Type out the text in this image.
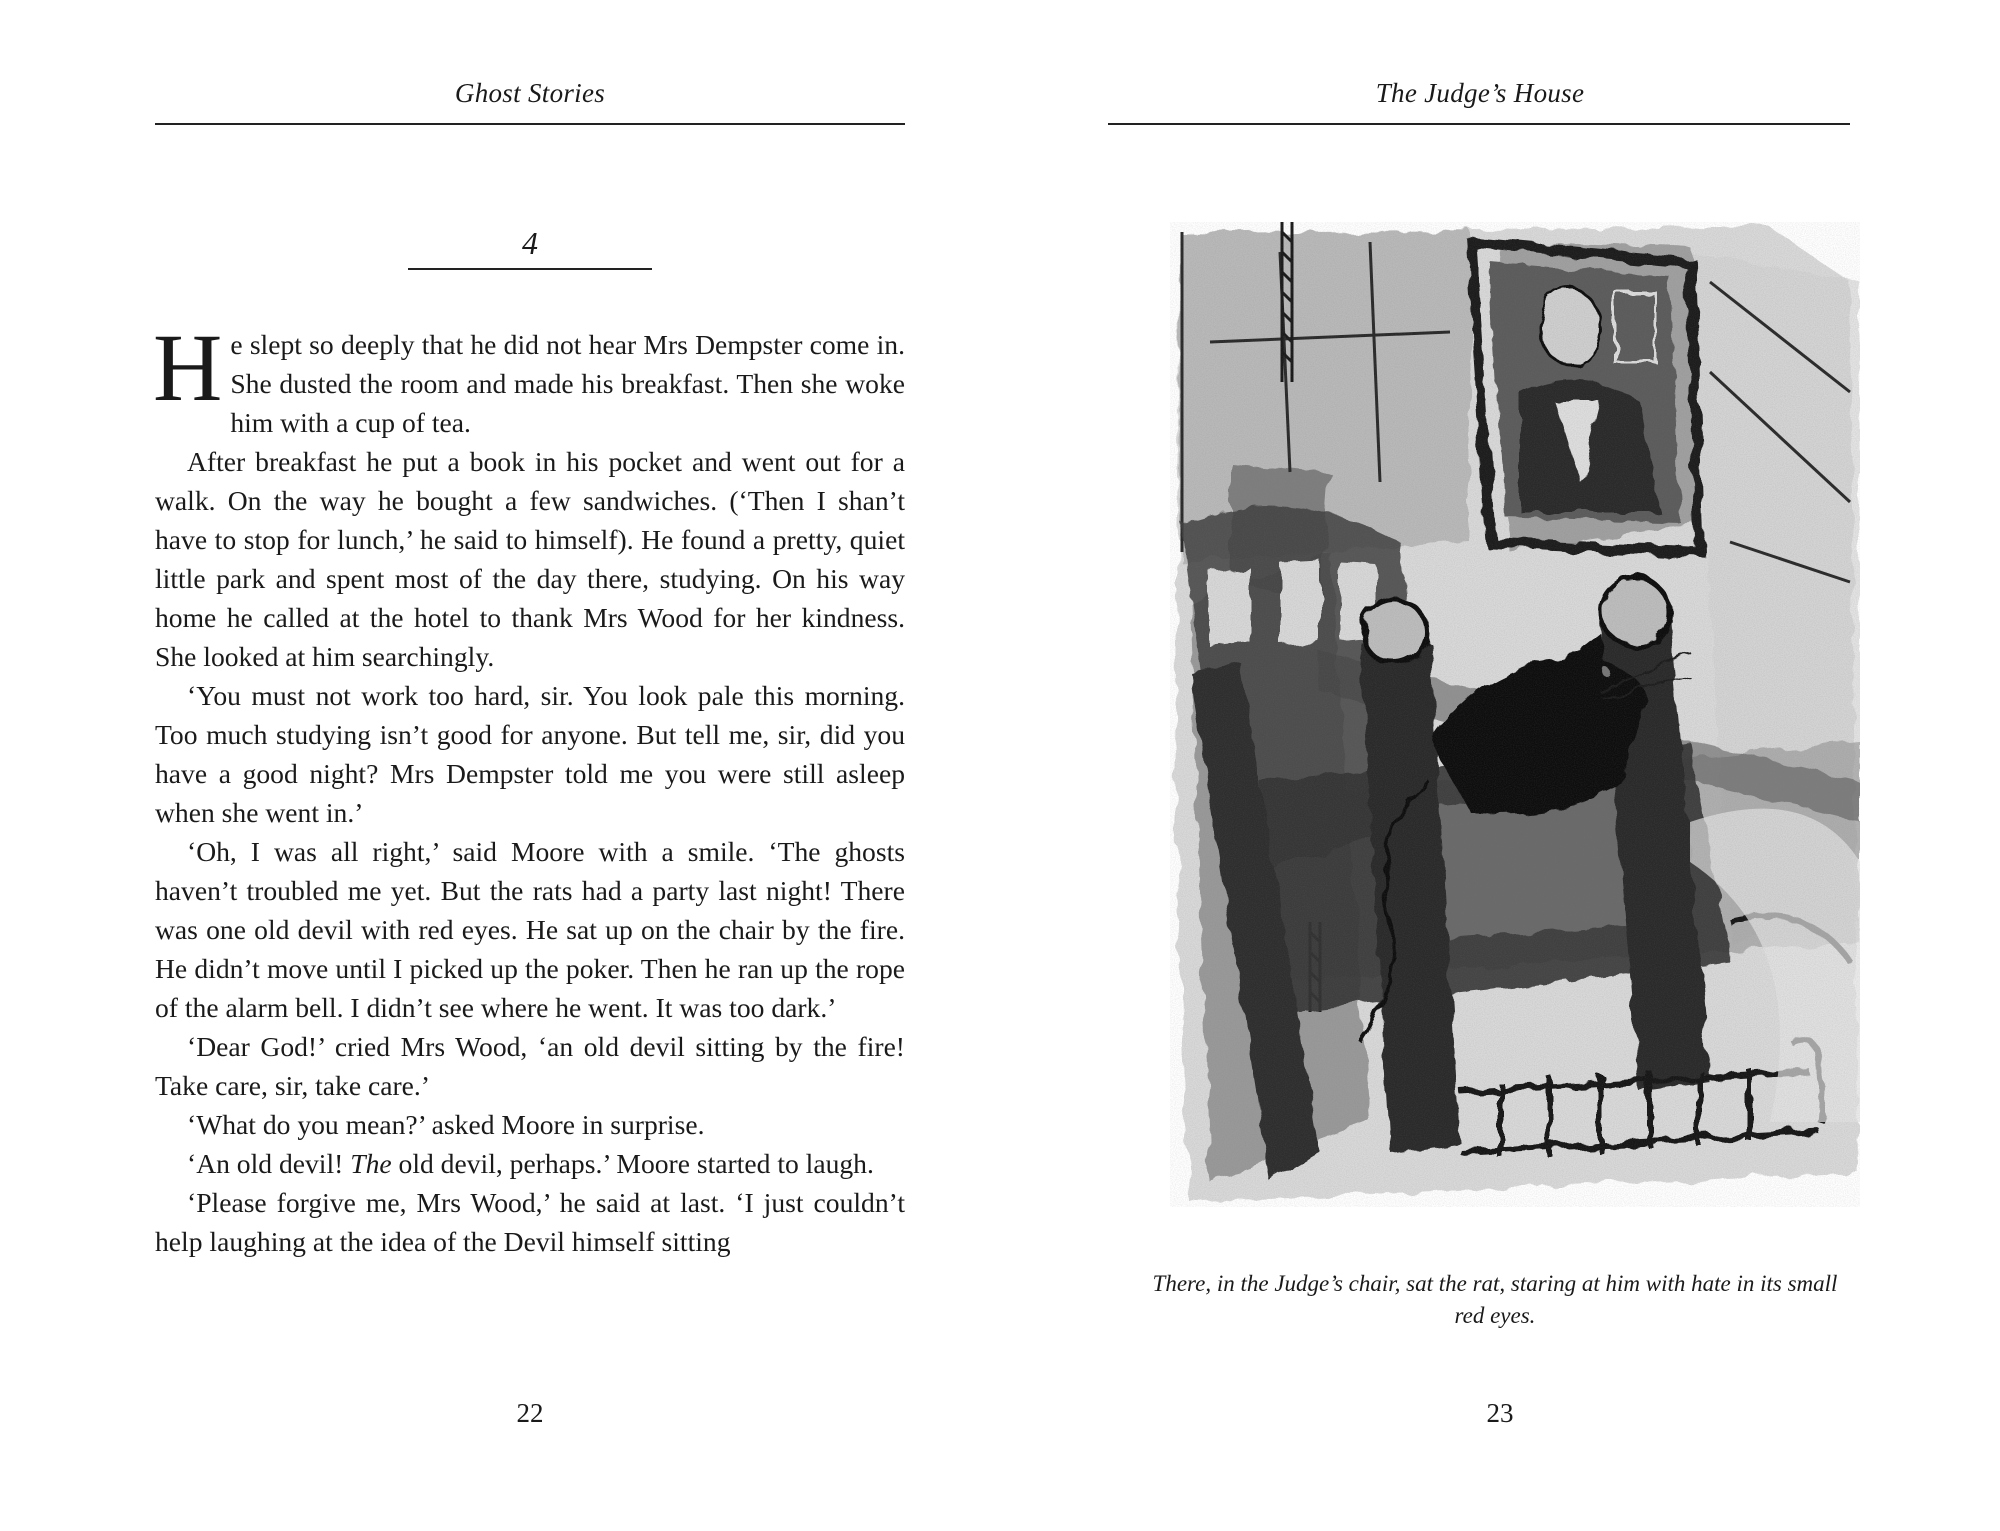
Ghost Stories
4

He slept so deeply that he did not hear Mrs Dempster come in. She dusted the room and made his breakfast. Then she woke him with a cup of tea.

After breakfast he put a book in his pocket and went out for a walk. On the way he bought a few sandwiches. (‘Then I shan’t have to stop for lunch,’ he said to himself). He found a pretty, quiet little park and spent most of the day there, studying. On his way home he called at the hotel to thank Mrs Wood for her kindness. She looked at him searchingly.

‘You must not work too hard, sir. You look pale this morning. Too much studying isn’t good for anyone. But tell me, sir, did you have a good night? Mrs Dempster told me you were still asleep when she went in.’

‘Oh, I was all right,’ said Moore with a smile. ‘The ghosts haven’t troubled me yet. But the rats had a party last night! There was one old devil with red eyes. He sat up on the chair by the fire. He didn’t move until I picked up the poker. Then he ran up the rope of the alarm bell. I didn’t see where he went. It was too dark.’

‘Dear God!’ cried Mrs Wood, ‘an old devil sitting by the fire! Take care, sir, take care.’

‘What do you mean?’ asked Moore in surprise.

‘An old devil! The old devil, perhaps.’ Moore started to laugh.

‘Please forgive me, Mrs Wood,’ he said at last. ‘I just couldn’t help laughing at the idea of the Devil himself sitting

22
The Judge’s House
There, in the Judge’s chair, sat the rat, staring at him with hate in its small red eyes.
23
